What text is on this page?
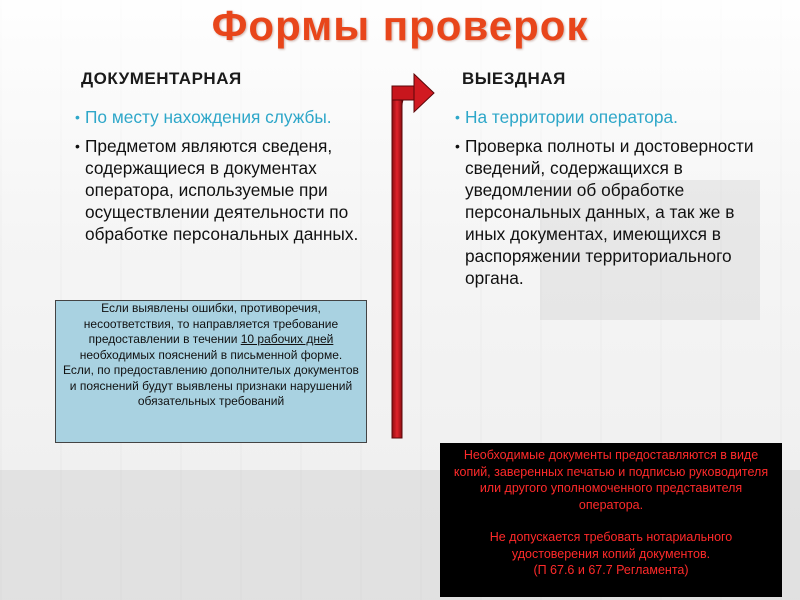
Формы проверок
ДОКУМЕНТАРНАЯ	ВЫЕЗДНАЯ
• По месту нахождения службы.
• Предметом являются сведеня, содержащиеся в документах оператора, используемые при осуществлении деятельности по обработке персональных данных.
• На территории оператора.
• Проверка полноты и достоверности сведений, содержащихся в уведомлении об обработке персональных данных, а так же в иных документах, имеющихся в распоряжении территориального органа.
Если выявлены ошибки, противоречия, несоответствия, то направляется требование предоставлении в течении 10 рабочих дней необходимых пояснений в письменной форме.
Если, по предоставлению дополнителых документов и пояснений будут выявлены признаки нарушений обязательных требований

Необходимые документы предоставляются в виде копий, заверенных печатью и подписью руководителя или другого уполномоченного представителя оператора.

Не допускается требовать нотариального удостоверения копий документов.

(П 67.6 и 67.7 Регламента)
